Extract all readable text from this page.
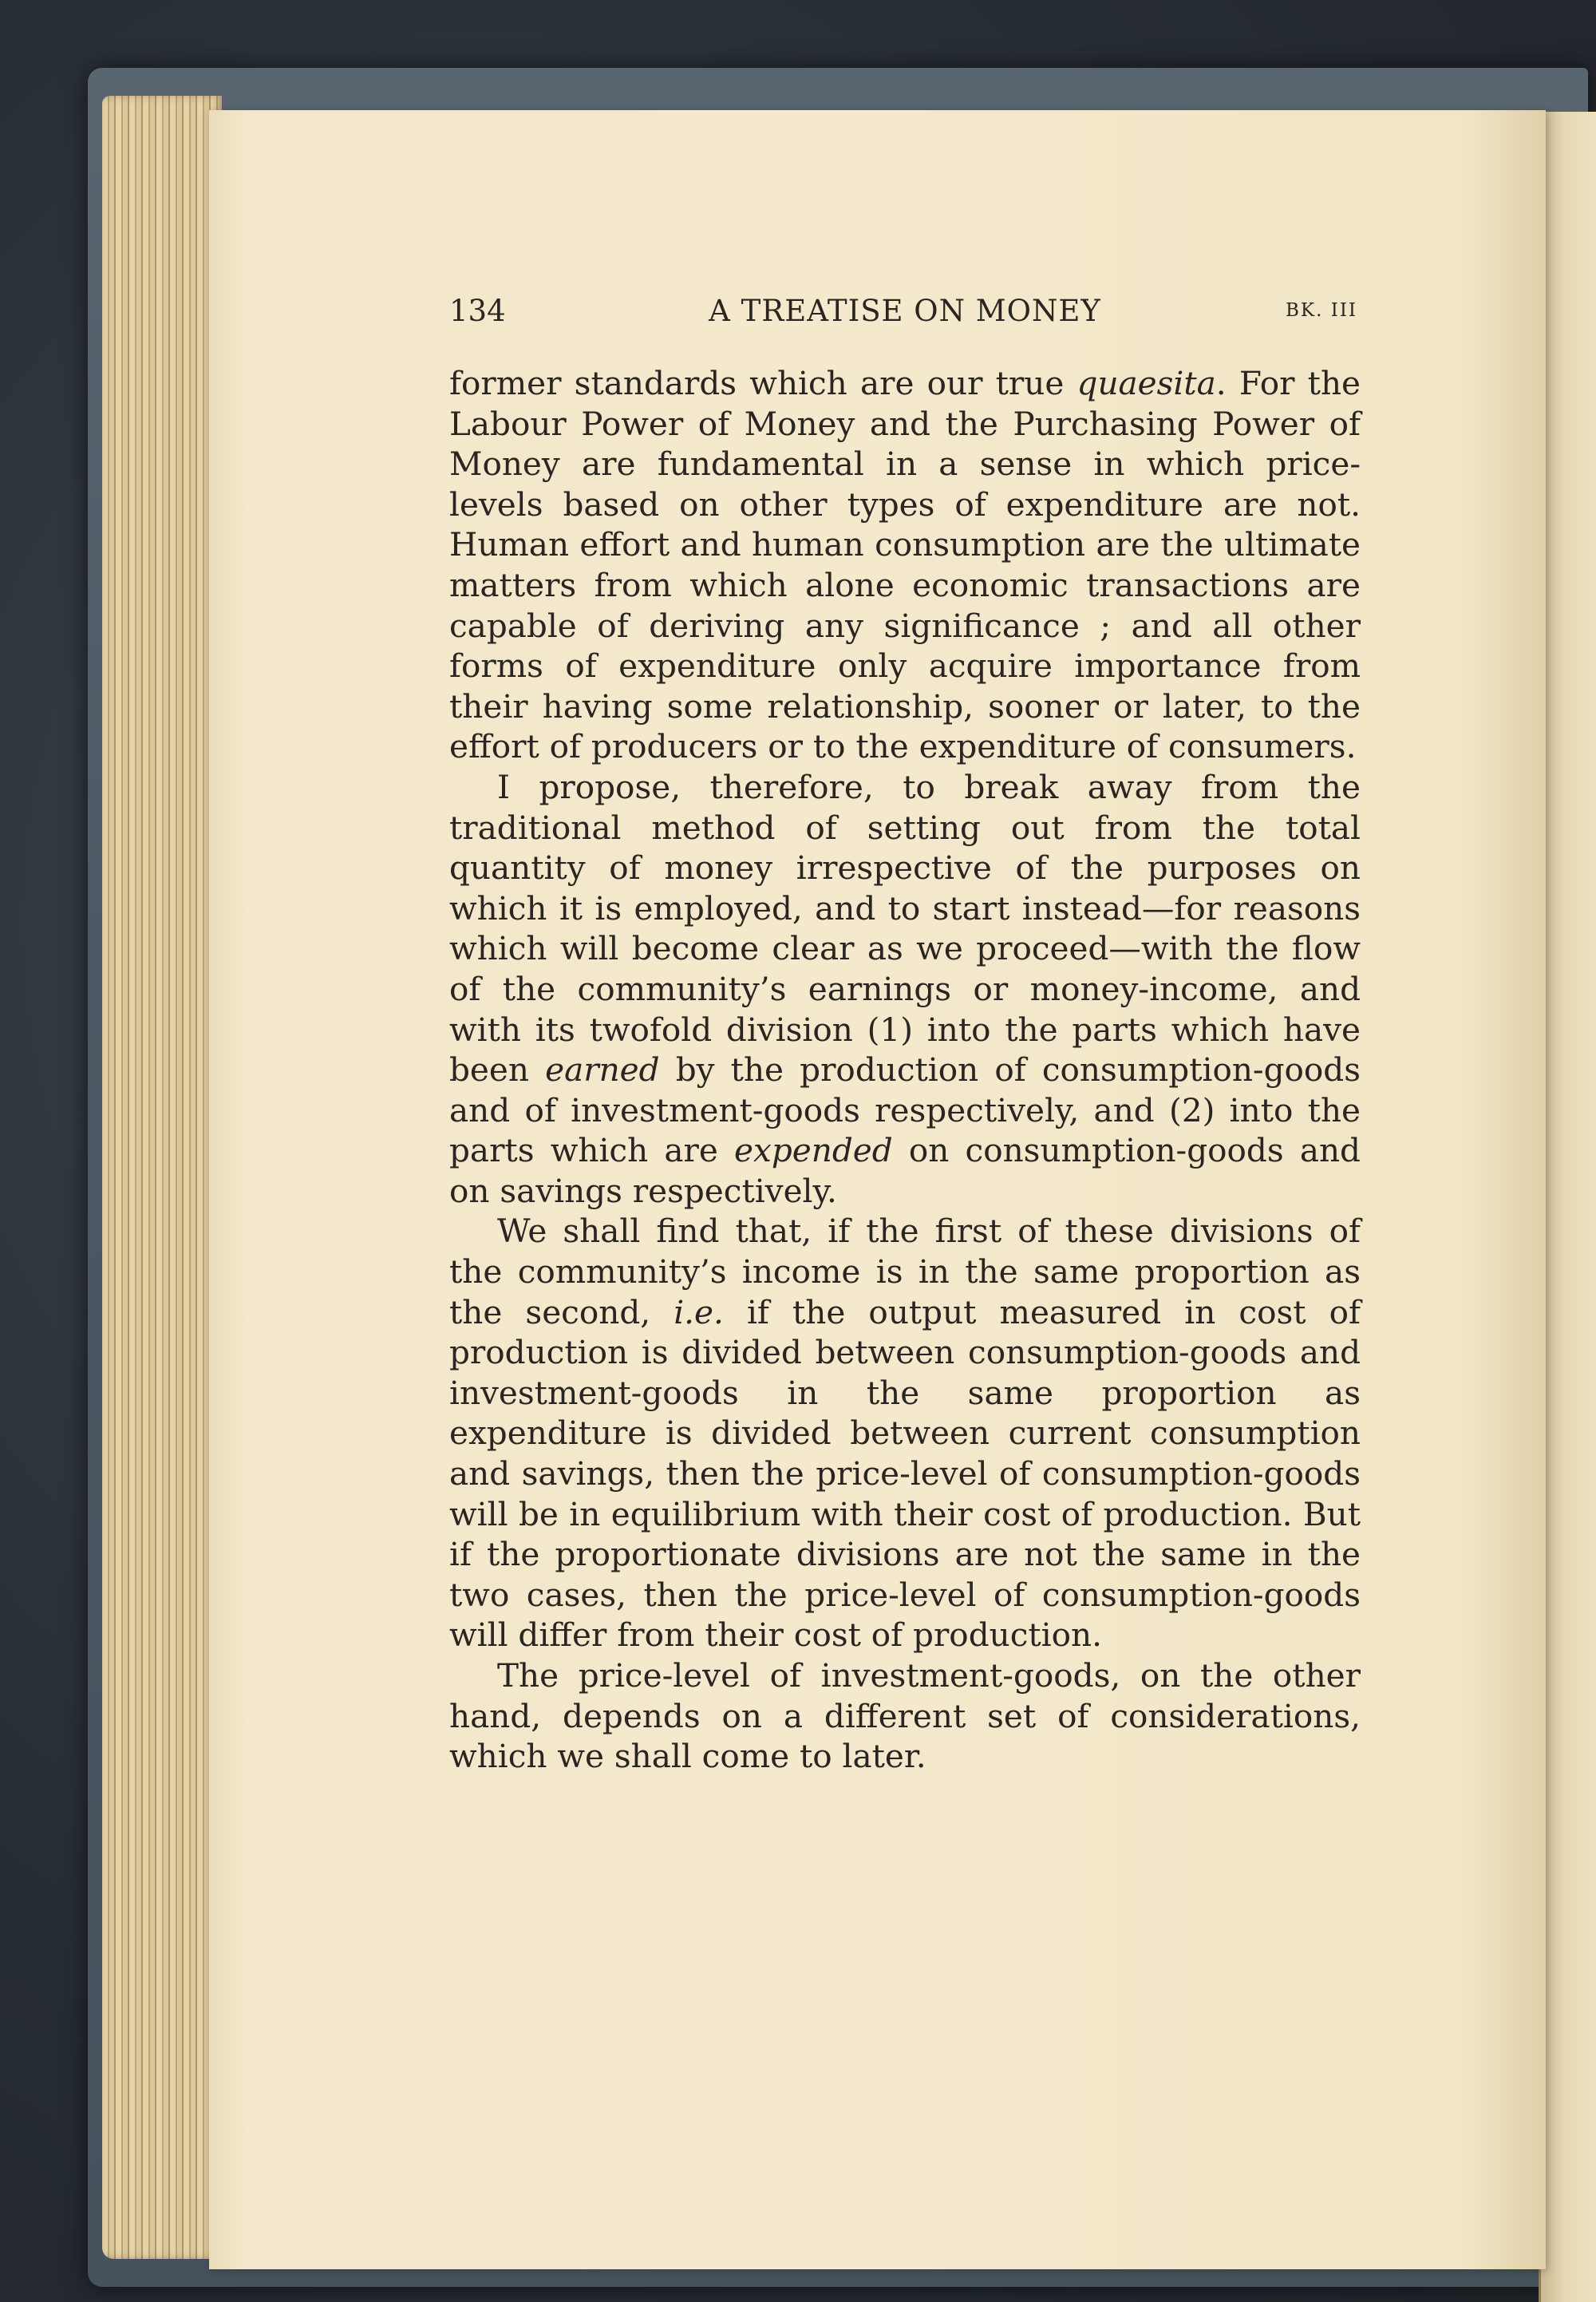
134	A TREATISE ON MONEY	BK. III

former standards which are our true quaesita. For the Labour Power of Money and the Purchasing Power of Money are fundamental in a sense in which price-levels based on other types of expenditure are not. Human effort and human consumption are the ultimate matters from which alone economic transactions are capable of deriving any significance ; and all other forms of expenditure only acquire importance from their having some relationship, sooner or later, to the effort of producers or to the expenditure of consumers.

I propose, therefore, to break away from the traditional method of setting out from the total quantity of money irrespective of the purposes on which it is employed, and to start instead—for reasons which will become clear as we proceed—with the flow of the community’s earnings or money-income, and with its twofold division (1) into the parts which have been earned by the production of consumption-goods and of investment-goods respectively, and (2) into the parts which are expended on consumption-goods and on savings respectively.

We shall find that, if the first of these divisions of the community’s income is in the same proportion as the second, i.e. if the output measured in cost of production is divided between consumption-goods and investment-goods in the same proportion as expenditure is divided between current consumption and savings, then the price-level of consumption-goods will be in equilibrium with their cost of production. But if the proportionate divisions are not the same in the two cases, then the price-level of consumption-goods will differ from their cost of production.

The price-level of investment-goods, on the other hand, depends on a different set of considerations, which we shall come to later.
